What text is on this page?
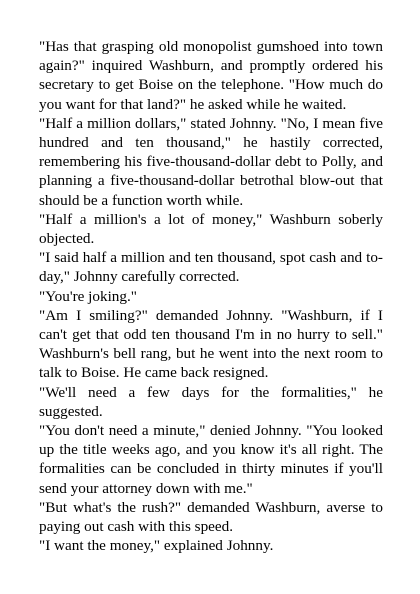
"Has that grasping old monopolist gumshoed into town again?" inquired Washburn, and promptly ordered his secretary to get Boise on the telephone. "How much do you want for that land?" he asked while he waited.

"Half a million dollars," stated Johnny. "No, I mean five hundred and ten thousand," he hastily corrected, remembering his five-thousand-dollar debt to Polly, and planning a five-thousand-dollar betrothal blow-out that should be a function worth while.

"Half a million's a lot of money," Washburn soberly objected.

"I said half a million and ten thousand, spot cash and to-day," Johnny carefully corrected.

"You're joking."

"Am I smiling?" demanded Johnny. "Washburn, if I can't get that odd ten thousand I'm in no hurry to sell." Washburn's bell rang, but he went into the next room to talk to Boise. He came back resigned.

"We'll need a few days for the formalities," he suggested.

"You don't need a minute," denied Johnny. "You looked up the title weeks ago, and you know it's all right. The formalities can be concluded in thirty minutes if you'll send your attorney down with me."

"But what's the rush?" demanded Washburn, averse to paying out cash with this speed.

"I want the money," explained Johnny.
